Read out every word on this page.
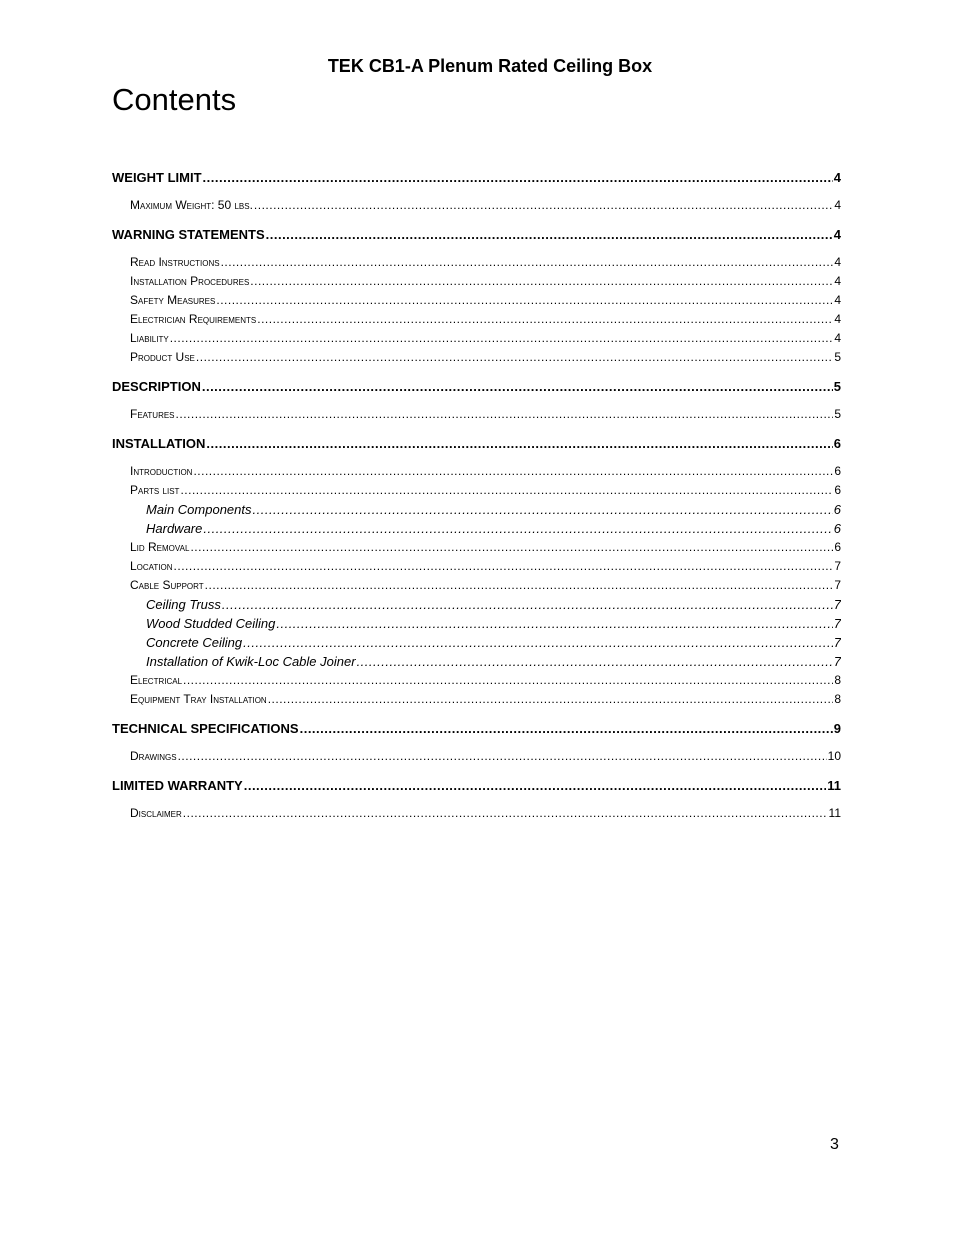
TEK CB1-A Plenum Rated Ceiling Box
Contents
WEIGHT LIMIT .....	4
Maximum Weight: 50 lbs. .....	4
WARNING STATEMENTS .....	4
Read Instructions .....	4
Installation Procedures .....	4
Safety Measures .....	4
Electrician Requirements .....	4
Liability .....	4
Product Use .....	5
DESCRIPTION .....	5
Features .....	5
INSTALLATION .....	6
Introduction .....	6
Parts list .....	6
Main Components .....	6
Hardware .....	6
Lid Removal .....	6
Location .....	7
Cable Support .....	7
Ceiling Truss .....	7
Wood Studded Ceiling .....	7
Concrete Ceiling .....	7
Installation of Kwik-Loc Cable Joiner .....	7
Electrical .....	8
Equipment Tray Installation .....	8
TECHNICAL SPECIFICATIONS .....	9
Drawings .....	10
LIMITED WARRANTY .....	11
Disclaimer .....	11
3
